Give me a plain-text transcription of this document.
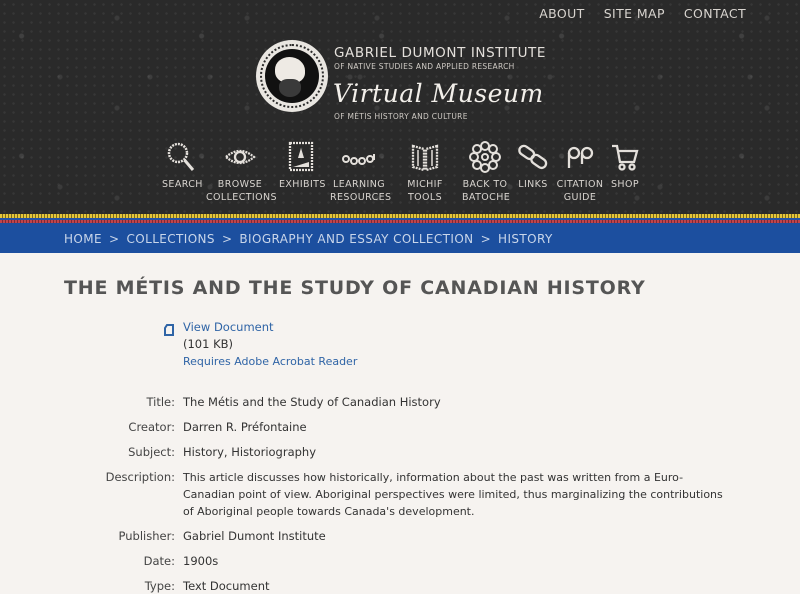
ABOUT SITE MAP CONTACT
GABRIEL DUMONT INSTITUTE
OF NATIVE STUDIES AND APPLIED RESEARCH
Virtual Museum
OF MÉTIS HISTORY AND CULTURE
SEARCH	BROWSE
COLLECTIONS
EXHIBITS LEARNING
RESOURCES
MICHIF
TOOLS
BACK TO
BATOCHE
LINKS CITATION
GUIDE
SHOP
HOME > COLLECTIONS > BIOGRAPHY AND ESSAY COLLECTION > HISTORY
THE MÉTIS AND THE STUDY OF CANADIAN HISTORY
View Document
(101 KB)
Requires Adobe Acrobat Reader
Title: The Métis and the Study of Canadian History
Creator: Darren R. Préfontaine
Subject: History, Historiography
Description: This article discusses how historically, information about the past was written from a Euro-Canadian point of view. Aboriginal perspectives were limited, thus marginalizing the contributions of Aboriginal people towards Canada's development.
Publisher: Gabriel Dumont Institute
Date: 1900s
Type: Text Document
